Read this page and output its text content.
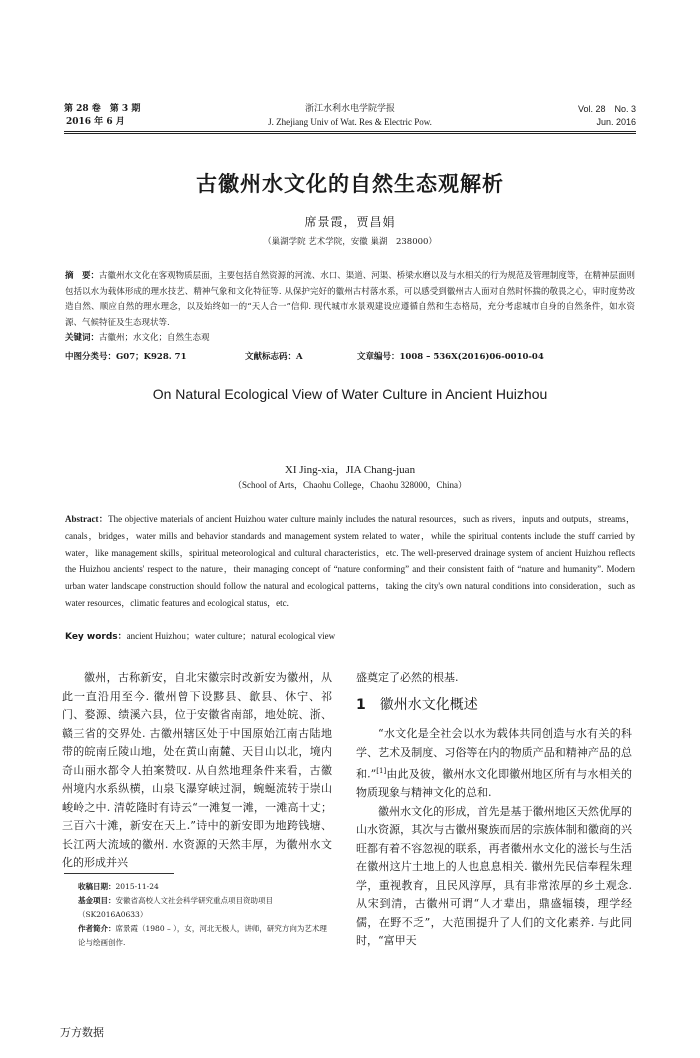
第 28 卷　第 3 期
2016 年 6 月
浙江水利水电学院学报
J. Zhejiang Univ of Wat. Res & Electric Pow.
Vol. 28　No. 3
Jun. 2016
古徽州水文化的自然生态观解析
席景霞，贾昌娟
（巢湖学院 艺术学院，安徽 巢湖　238000）
摘　要：古徽州水文化在客观物质层面，主要包括自然资源的河流、水口、渠道、河渠、桥梁水磨以及与水相关的行为规范及管理制度等，在精神层面则包括以水为载体形成的理水技艺、精神气象和文化特征等. 从保护完好的徽州古村落水系，可以感受到徽州古人面对自然时怀揣的敬畏之心，审时度势改造自然、顺应自然的理水理念，以及始终如一的“天人合一”信仰. 现代城市水景观建设应遵循自然和生态格局，充分考虑城市自身的自然条件，如水资源、气候特征及生态现状等.
关键词：古徽州；水文化；自然生态观
中图分类号：G07；K928. 71	文献标志码：A	文章编号：1008 – 536X(2016)06-0010-04
On Natural Ecological View of Water Culture in Ancient Huizhou
XI Jing-xia，JIA Chang-juan
（School of Arts，Chaohu College，Chaohu 328000，China）
Abstract：The objective materials of ancient Huizhou water culture mainly includes the natural resources，such as rivers，inputs and outputs，streams，canals，bridges，water mills and behavior standards and management system related to water，while the spiritual contents include the stuff carried by water，like management skills，spiritual meteorological and cultural characteristics，etc. The well-preserved drainage system of ancient Huizhou reflects the Huizhou ancients' respect to the nature，their managing concept of “nature conforming” and their consistent faith of “nature and humanity”. Modern urban water landscape construction should follow the natural and ecological patterns，taking the city's own natural conditions into consideration，such as water resources，climatic features and ecological status，etc.
Key words：ancient Huizhou；water culture；natural ecological view

徽州，古称新安，自北宋徽宗时改新安为徽州，从此一直沿用至今. 徽州曾下设黟县、歙县、休宁、祁门、婺源、绩溪六县，位于安徽省南部，地处皖、浙、赣三省的交界处. 古徽州辖区处于中国原始江南古陆地带的皖南丘陵山地，处在黄山南麓、天目山以北，境内奇山丽水都令人拍案赞叹. 从自然地理条件来看，古徽州境内水系纵横，山泉飞瀑穿峡过洞，蜿蜒流转于崇山峻岭之中. 清乾隆时有诗云“一滩复一滩，一滩高十丈；三百六十滩，新安在天上.”诗中的新安即为地跨钱塘、长江两大流域的徽州. 水资源的天然丰厚，为徽州水文化的形成并兴

盛奠定了必然的根基.

1 徽州水文化概述

“水文化是全社会以水为载体共同创造与水有关的科学、艺术及制度、习俗等在内的物质产品和精神产品的总和.”[1]由此及彼，徽州水文化即徽州地区所有与水相关的物质现象与精神文化的总和.

徽州水文化的形成，首先是基于徽州地区天然优厚的山水资源，其次与古徽州聚族而居的宗族体制和徽商的兴旺都有着不容忽视的联系，再者徽州水文化的滋长与生活在徽州这片土地上的人也息息相关. 徽州先民信奉程朱理学，重视教育，且民风淳厚，具有非常浓厚的乡土观念. 从宋到清，古徽州可谓“人才辈出，鼎盛辐辏，理学经儒，在野不乏”，大范围提升了人们的文化素养. 与此同时，“富甲天

收稿日期：2015-11-24
基金项目：安徽省高校人文社会科学研究重点项目资助项目（SK2016A0633）
作者简介：席景霞（1980 – ），女，河北无极人，讲师，研究方向为艺术理论与绘画创作.
万方数据
